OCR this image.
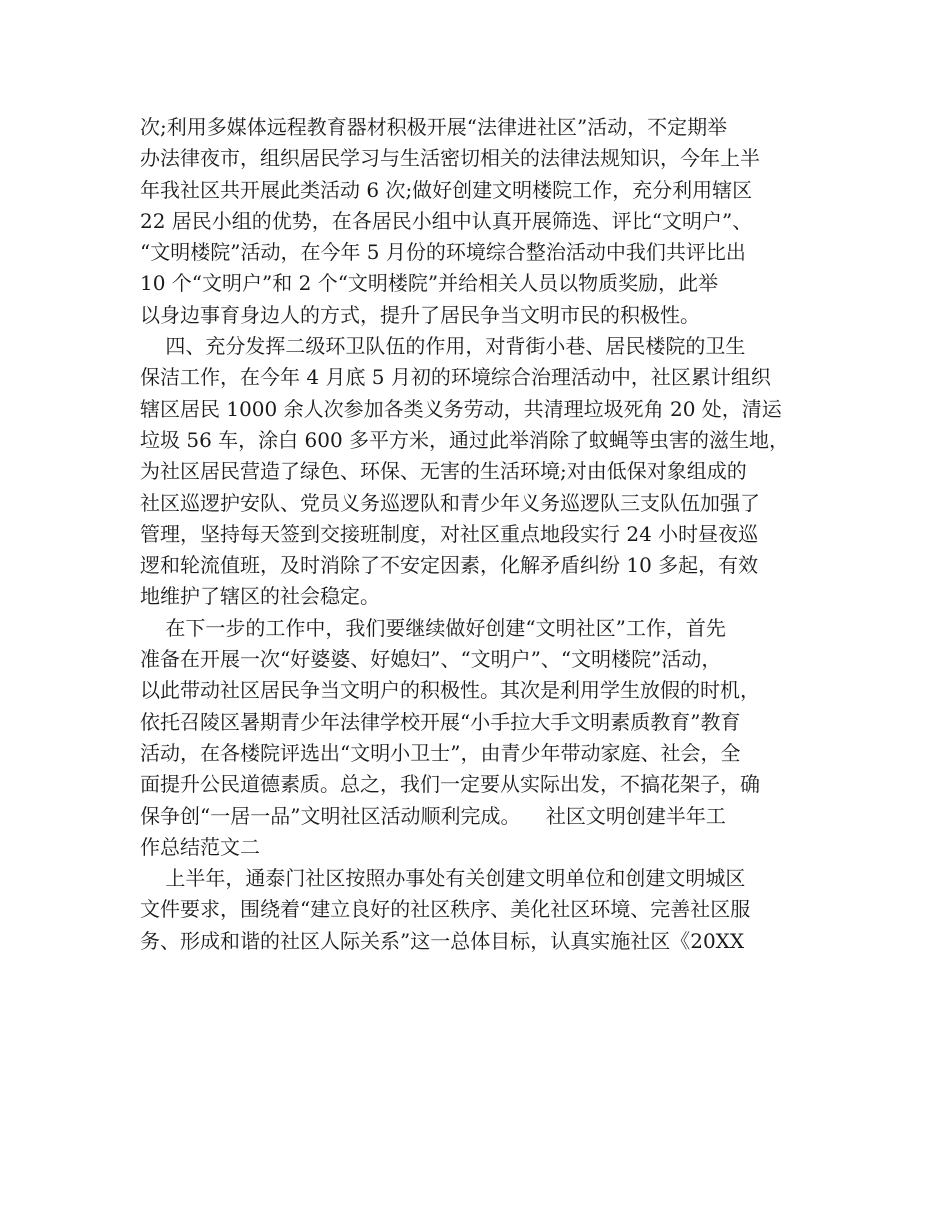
次;利用多媒体远程教育器材积极开展“法律进社区”活动，不定期举
办法律夜市，组织居民学习与生活密切相关的法律法规知识，今年上半
年我社区共开展此类活动 6 次;做好创建文明楼院工作，充分利用辖区
22 居民小组的优势，在各居民小组中认真开展筛选、评比“文明户”、
“文明楼院”活动，在今年 5 月份的环境综合整治活动中我们共评比出
10 个“文明户”和 2 个“文明楼院”并给相关人员以物质奖励，此举
以身边事育身边人的方式，提升了居民争当文明市民的积极性。
四、充分发挥二级环卫队伍的作用，对背街小巷、居民楼院的卫生
保洁工作，在今年 4 月底 5 月初的环境综合治理活动中，社区累计组织
辖区居民 1000 余人次参加各类义务劳动，共清理垃圾死角 20 处，清运
垃圾 56 车，涂白 600 多平方米，通过此举消除了蚊蝇等虫害的滋生地，
为社区居民营造了绿色、环保、无害的生活环境;对由低保对象组成的
社区巡逻护安队、党员义务巡逻队和青少年义务巡逻队三支队伍加强了
管理，坚持每天签到交接班制度，对社区重点地段实行 24 小时昼夜巡
逻和轮流值班，及时消除了不安定因素，化解矛盾纠纷 10 多起，有效
地维护了辖区的社会稳定。
在下一步的工作中，我们要继续做好创建“文明社区”工作，首先
准备在开展一次“好婆婆、好媳妇”、“文明户”、“文明楼院”活动，
以此带动社区居民争当文明户的积极性。其次是利用学生放假的时机，
依托召陵区暑期青少年法律学校开展“小手拉大手文明素质教育”教育
活动，在各楼院评选出“文明小卫士”，由青少年带动家庭、社会，全
面提升公民道德素质。总之，我们一定要从实际出发，不搞花架子，确
保争创“一居一品”文明社区活动顺利完成。    社区文明创建半年工
作总结范文二
上半年，通泰门社区按照办事处有关创建文明单位和创建文明城区
文件要求，围绕着“建立良好的社区秩序、美化社区环境、完善社区服
务、形成和谐的社区人际关系”这一总体目标，认真实施社区《20XX
